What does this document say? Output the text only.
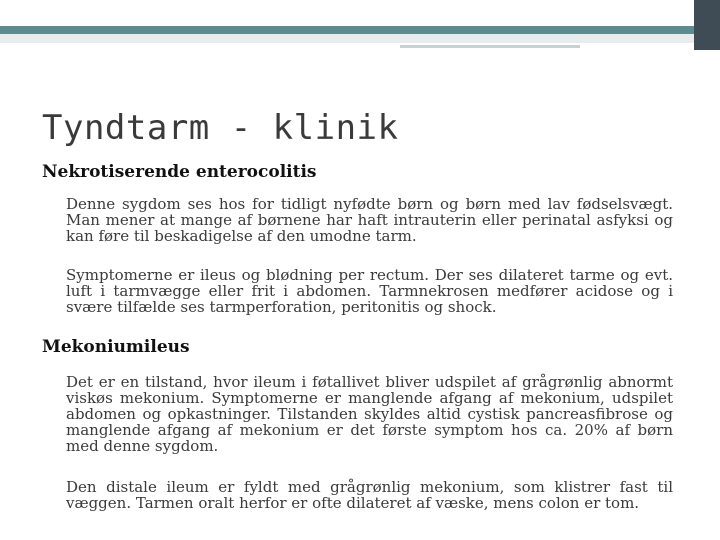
Tyndtarm - klinik
Nekrotiserende enterocolitis

Denne sygdom ses hos for tidligt nyfødte børn og børn med lav fødselsvægt. Man mener at mange af børnene har haft intrauterin eller perinatal asfyksi og kan føre til beskadigelse af den umodne tarm.

Symptomerne er ileus og blødning per rectum. Der ses dilateret tarme og evt. luft i tarmvægge eller frit i abdomen. Tarmnekrosen medfører acidose og i svære tilfælde ses tarmperforation, peritonitis og shock.

Mekoniumileus

Det er en tilstand, hvor ileum i føtallivet bliver udspilet af grågrønlig abnormt viskøs mekonium. Symptomerne er manglende afgang af mekonium, udspilet abdomen og opkastninger. Tilstanden skyldes altid cystisk pancreasfibrose og manglende afgang af mekonium er det første symptom hos ca. 20% af børn med denne sygdom.

Den distale ileum er fyldt med grågrønlig mekonium, som klistrer fast til væggen. Tarmen oralt herfor er ofte dilateret af væske, mens colon er tom.
